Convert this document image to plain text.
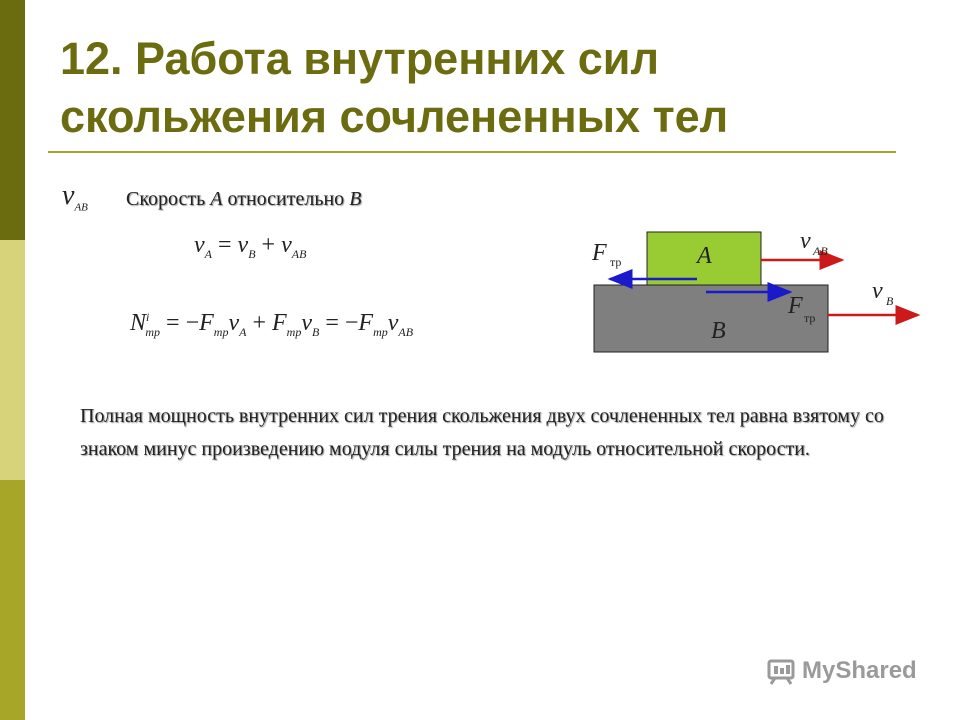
12. Работа внутренних сил скольжения сочлененных тел
$v_{AB}$ Скорость A относительно B
$v_A = v_B + v_{AB}$
$N^i_{тр} = -F_{тр}v_A + F_{тр}v_B = -F_{тр}v_{AB}$
A
B
F тр
F тр
v AB
v B
Полная мощность внутренних сил трения скольжения двух сочлененных тел равна взятому со знаком минус произведению модуля силы трения на модуль относительной скорости.
MyShared
